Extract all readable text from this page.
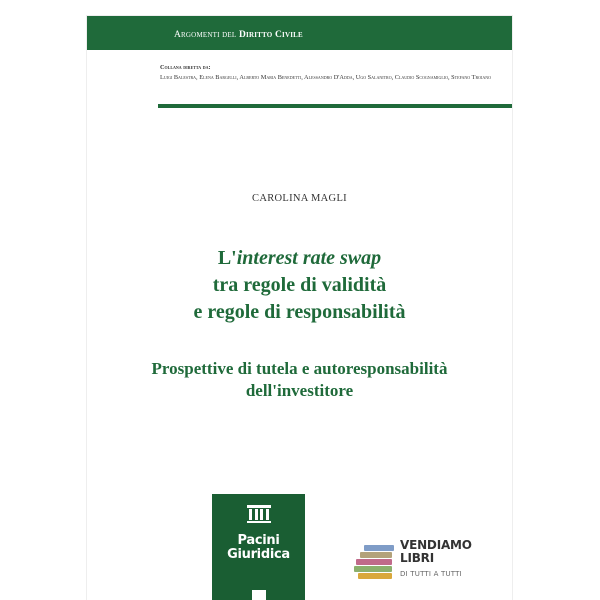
Argomenti del Diritto Civile
Collana diretta da:
Luigi Balestra, Elena Bargelli, Alberto Maria Benedetti, Alessandro D'Adda, Ugo Salanitro, Claudio Scognamiglio, Stefano Troiano
CAROLINA MAGLI
L'interest rate swap
tra regole di validità
e regole di responsabilità
Prospettive di tutela e autoresponsabilità
dell'investitore
Pacini
Giuridica
VENDIAMO
LIBRI
DI TUTTI A TUTTI
